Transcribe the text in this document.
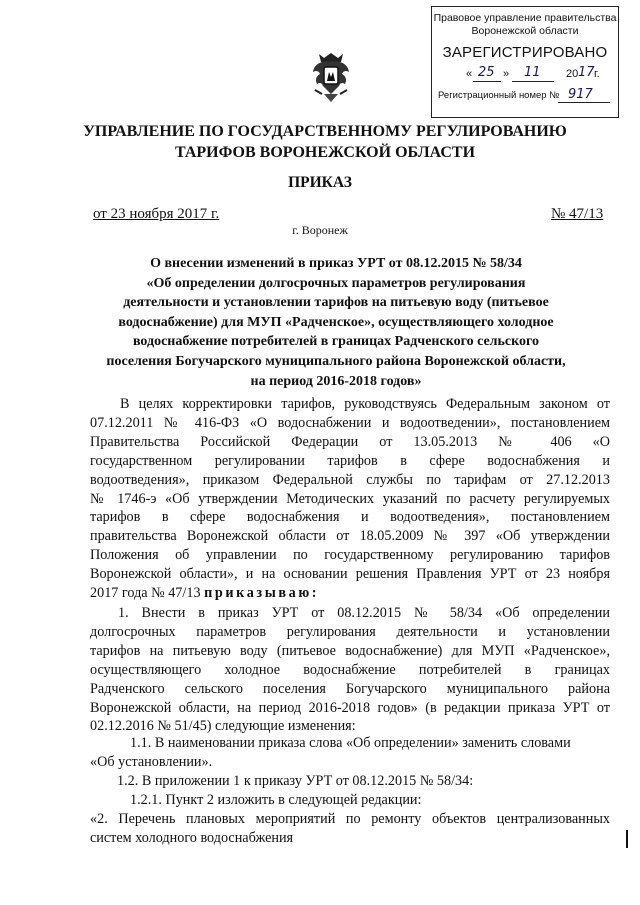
Правовое управление правительства
Воронежской области
ЗАРЕГИСТРИРОВАНО
« 25 » 11 20 17 г.
Регистрационный номер № 917
УПРАВЛЕНИЕ ПО ГОСУДАРСТВЕННОМУ РЕГУЛИРОВАНИЮ
ТАРИФОВ ВОРОНЕЖСКОЙ ОБЛАСТИ
ПРИКАЗ
от 23 ноября 2017 г.	№ 47/13
г. Воронеж
О внесении изменений в приказ УРТ от 08.12.2015 № 58/34
«Об определении долгосрочных параметров регулирования
деятельности и установлении тарифов на питьевую воду (питьевое
водоснабжение) для МУП «Радченское», осуществляющего холодное
водоснабжение потребителей в границах Радченского сельского
поселения Богучарского муниципального района Воронежской области,
на период 2016-2018 годов»
В целях корректировки тарифов, руководствуясь Федеральным законом от
07.12.2011 № 416-ФЗ «О водоснабжении и водоотведении», постановлением
Правительства Российской Федерации от 13.05.2013 № 406 «О
государственном регулировании тарифов в сфере водоснабжения и
водоотведения», приказом Федеральной службы по тарифам от 27.12.2013
№ 1746-э «Об утверждении Методических указаний по расчету регулируемых
тарифов в сфере водоснабжения и водоотведения», постановлением
правительства Воронежской области от 18.05.2009 № 397 «Об утверждении
Положения об управлении по государственному регулированию тарифов
Воронежской области», и на основании решения Правления УРТ от 23 ноября
2017 года № 47/13 приказываю:
1. Внести в приказ УРТ от 08.12.2015 № 58/34 «Об определении
долгосрочных параметров регулирования деятельности и установлении
тарифов на питьевую воду (питьевое водоснабжение) для МУП «Радченское»,
осуществляющего холодное водоснабжение потребителей в границах
Радченского сельского поселения Богучарского муниципального района
Воронежской области, на период 2016-2018 годов» (в редакции приказа УРТ от
02.12.2016 № 51/45) следующие изменения:
1.1. В наименовании приказа слова «Об определении» заменить словами
«Об установлении».
1.2. В приложении 1 к приказу УРТ от 08.12.2015 № 58/34:
1.2.1. Пункт 2 изложить в следующей редакции:
«2. Перечень плановых мероприятий по ремонту объектов централизованных
систем холодного водоснабжения
